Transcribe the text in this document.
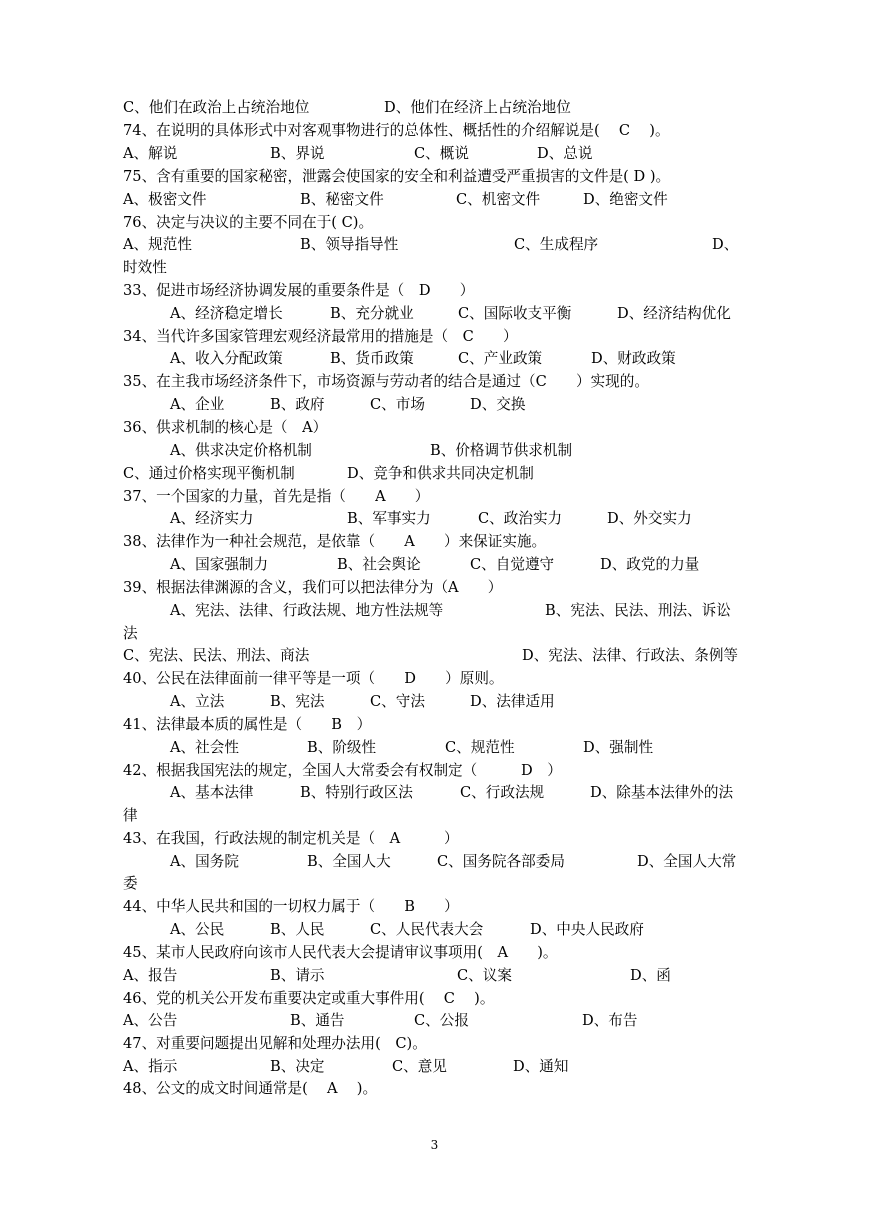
C、他们在政治上占统治地位	D、他们在经济上占统治地位
74、在说明的具体形式中对客观事物进行的总体性、概括性的介绍解说是(　 C 　)。
A、解说	B、界说	C、概说	D、总说
75、含有重要的国家秘密，泄露会使国家的安全和利益遭受严重损害的文件是( D )。
A、极密文件	B、秘密文件	C、机密文件	D、绝密文件
76、决定与决议的主要不同在于( C)。
A、规范性	B、领导指导性	C、生成程序	D、
时效性
33、促进市场经济协调发展的重要条件是（　D　　）
A、经济稳定增长	B、充分就业	C、国际收支平衡	D、经济结构优化
34、当代许多国家管理宏观经济最常用的措施是（　C　　）
A、收入分配政策	B、货币政策	C、产业政策	D、财政政策
35、在主我市场经济条件下，市场资源与劳动者的结合是通过（C　　）实现的。
A、企业	B、政府	C、市场	D、交换
36、供求机制的核心是（　A）
A、供求决定价格机制	B、价格调节供求机制
C、通过价格实现平衡机制	D、竞争和供求共同决定机制
37、一个国家的力量，首先是指（　　A　　）
A、经济实力	B、军事实力	C、政治实力	D、外交实力
38、法律作为一种社会规范，是依靠（　　A　　）来保证实施。
A、国家强制力	B、社会舆论	C、自觉遵守	D、政党的力量
39、根据法律渊源的含义，我们可以把法律分为（A　　）
A、宪法、法律、行政法规、地方性法规等	B、宪法、民法、刑法、诉讼
法
C、宪法、民法、刑法、商法	D、宪法、法律、行政法、条例等
40、公民在法律面前一律平等是一项（　　D　　）原则。
A、立法	B、宪法	C、守法	D、法律适用
41、法律最本质的属性是（　　B　）
A、社会性	B、阶级性	C、规范性	D、强制性
42、根据我国宪法的规定，全国人大常委会有权制定（　　　D　）
A、基本法律	B、特别行政区法	C、行政法规	D、除基本法律外的法
律
43、在我国，行政法规的制定机关是（　A　　　）
A、国务院	B、全国人大	C、国务院各部委局	D、全国人大常
委
44、中华人民共和国的一切权力属于（　　B　　）
A、公民	B、人民	C、人民代表大会	D、中央人民政府
45、某市人民政府向该市人民代表大会提请审议事项用(　A　　)。
A、报告	B、请示	C、议案	D、函
46、党的机关公开发布重要决定或重大事件用(　 C 　)。
A、公告	B、通告	C、公报	D、布告
47、对重要问题提出见解和处理办法用(　C)。
A、指示	B、决定	C、意见	D、通知
48、公文的成文时间通常是(　 A　 )。
3
